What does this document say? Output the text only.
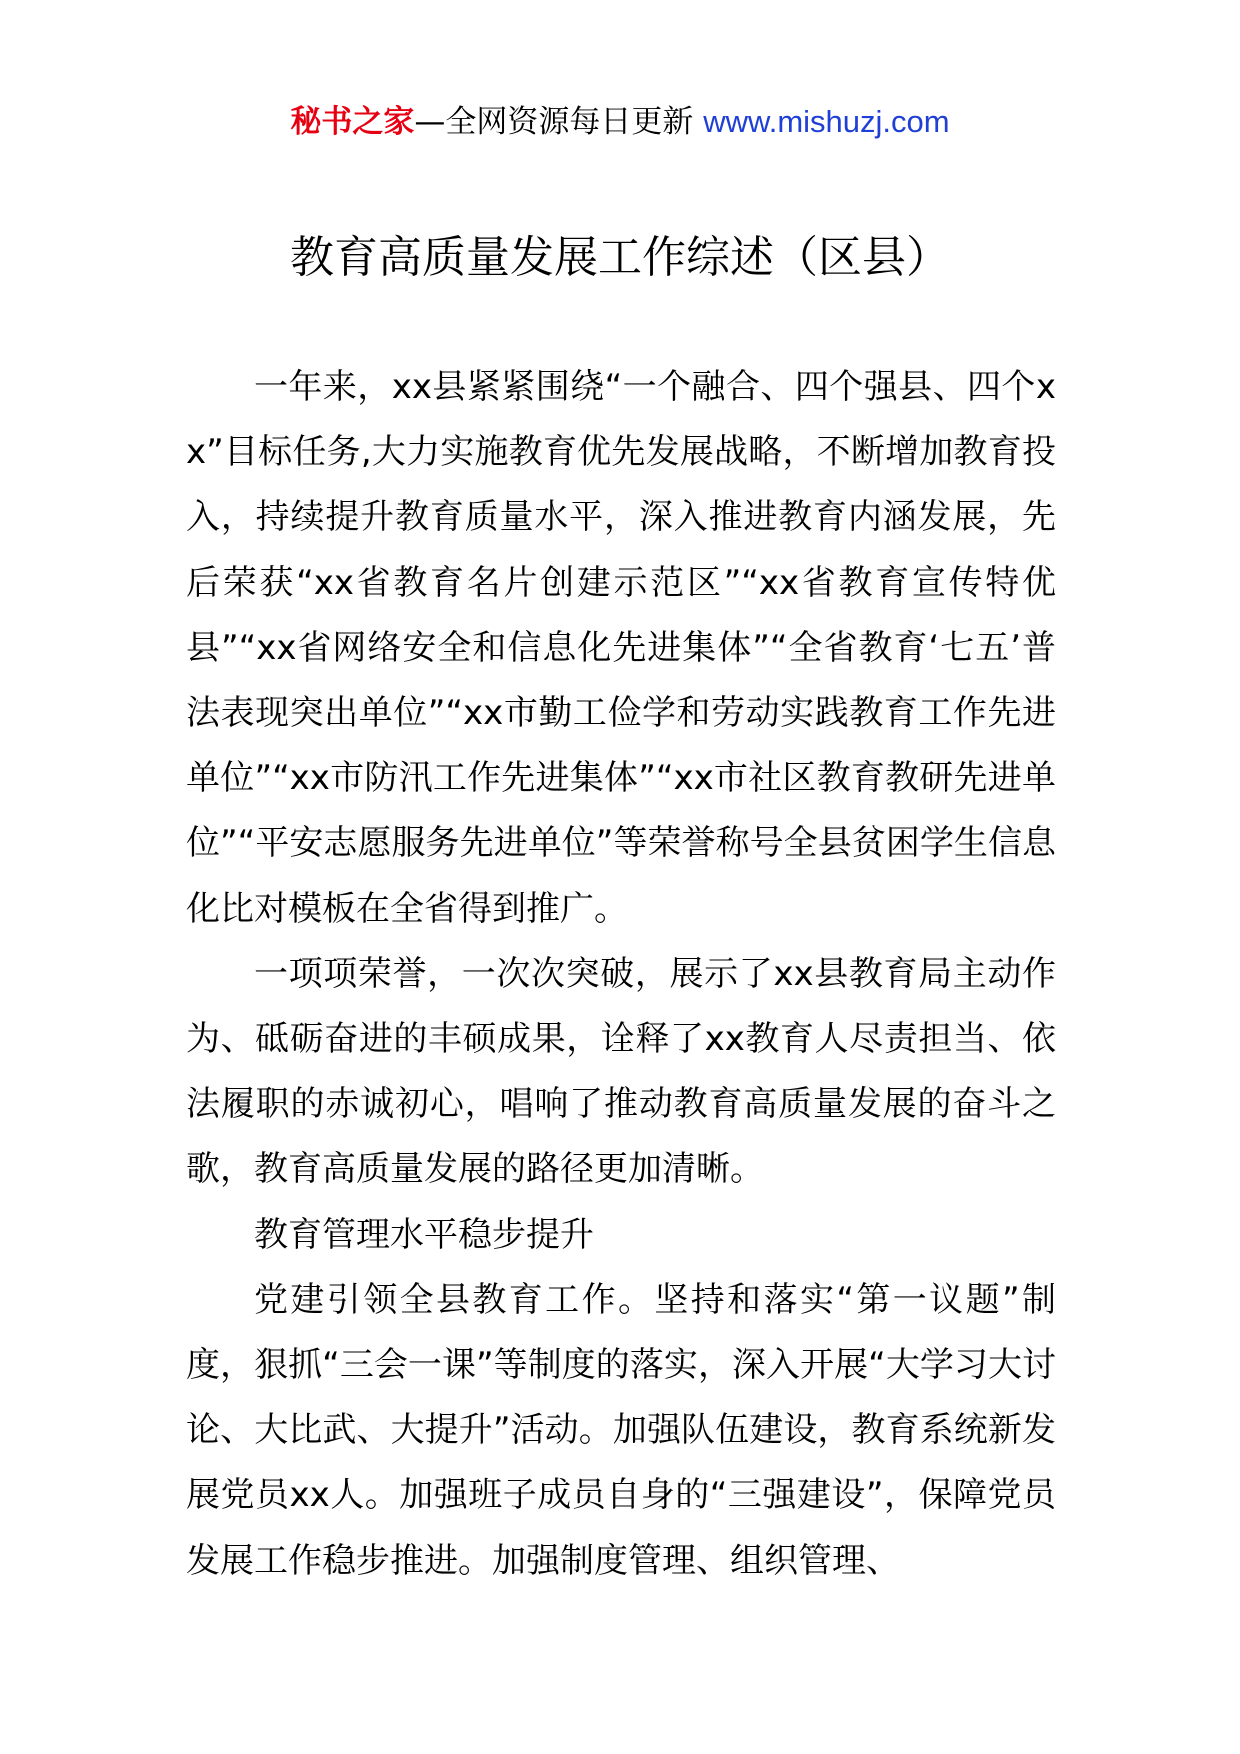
秘书之家—全网资源每日更新 www.mishuzj.com
教育高质量发展工作综述（区县）

一年来，xx县紧紧围绕“一个融合、四个强县、四个xx”目标任务,大力实施教育优先发展战略，不断增加教育投入，持续提升教育质量水平，深入推进教育内涵发展，先后荣获“xx省教育名片创建示范区”“xx省教育宣传特优县”“xx省网络安全和信息化先进集体”“全省教育‘七五’普法表现突出单位”“xx市勤工俭学和劳动实践教育工作先进单位”“xx市防汛工作先进集体”“xx市社区教育教研先进单位”“平安志愿服务先进单位”等荣誉称号全县贫困学生信息化比对模板在全省得到推广。

一项项荣誉，一次次突破，展示了xx县教育局主动作为、砥砺奋进的丰硕成果，诠释了xx教育人尽责担当、依法履职的赤诚初心，唱响了推动教育高质量发展的奋斗之歌，教育高质量发展的路径更加清晰。

教育管理水平稳步提升

党建引领全县教育工作。坚持和落实“第一议题”制度，狠抓“三会一课”等制度的落实，深入开展“大学习大讨论、大比武、大提升”活动。加强队伍建设，教育系统新发展党员xx人。加强班子成员自身的“三强建设”，保障党员发展工作稳步推进。加强制度管理、组织管理、
